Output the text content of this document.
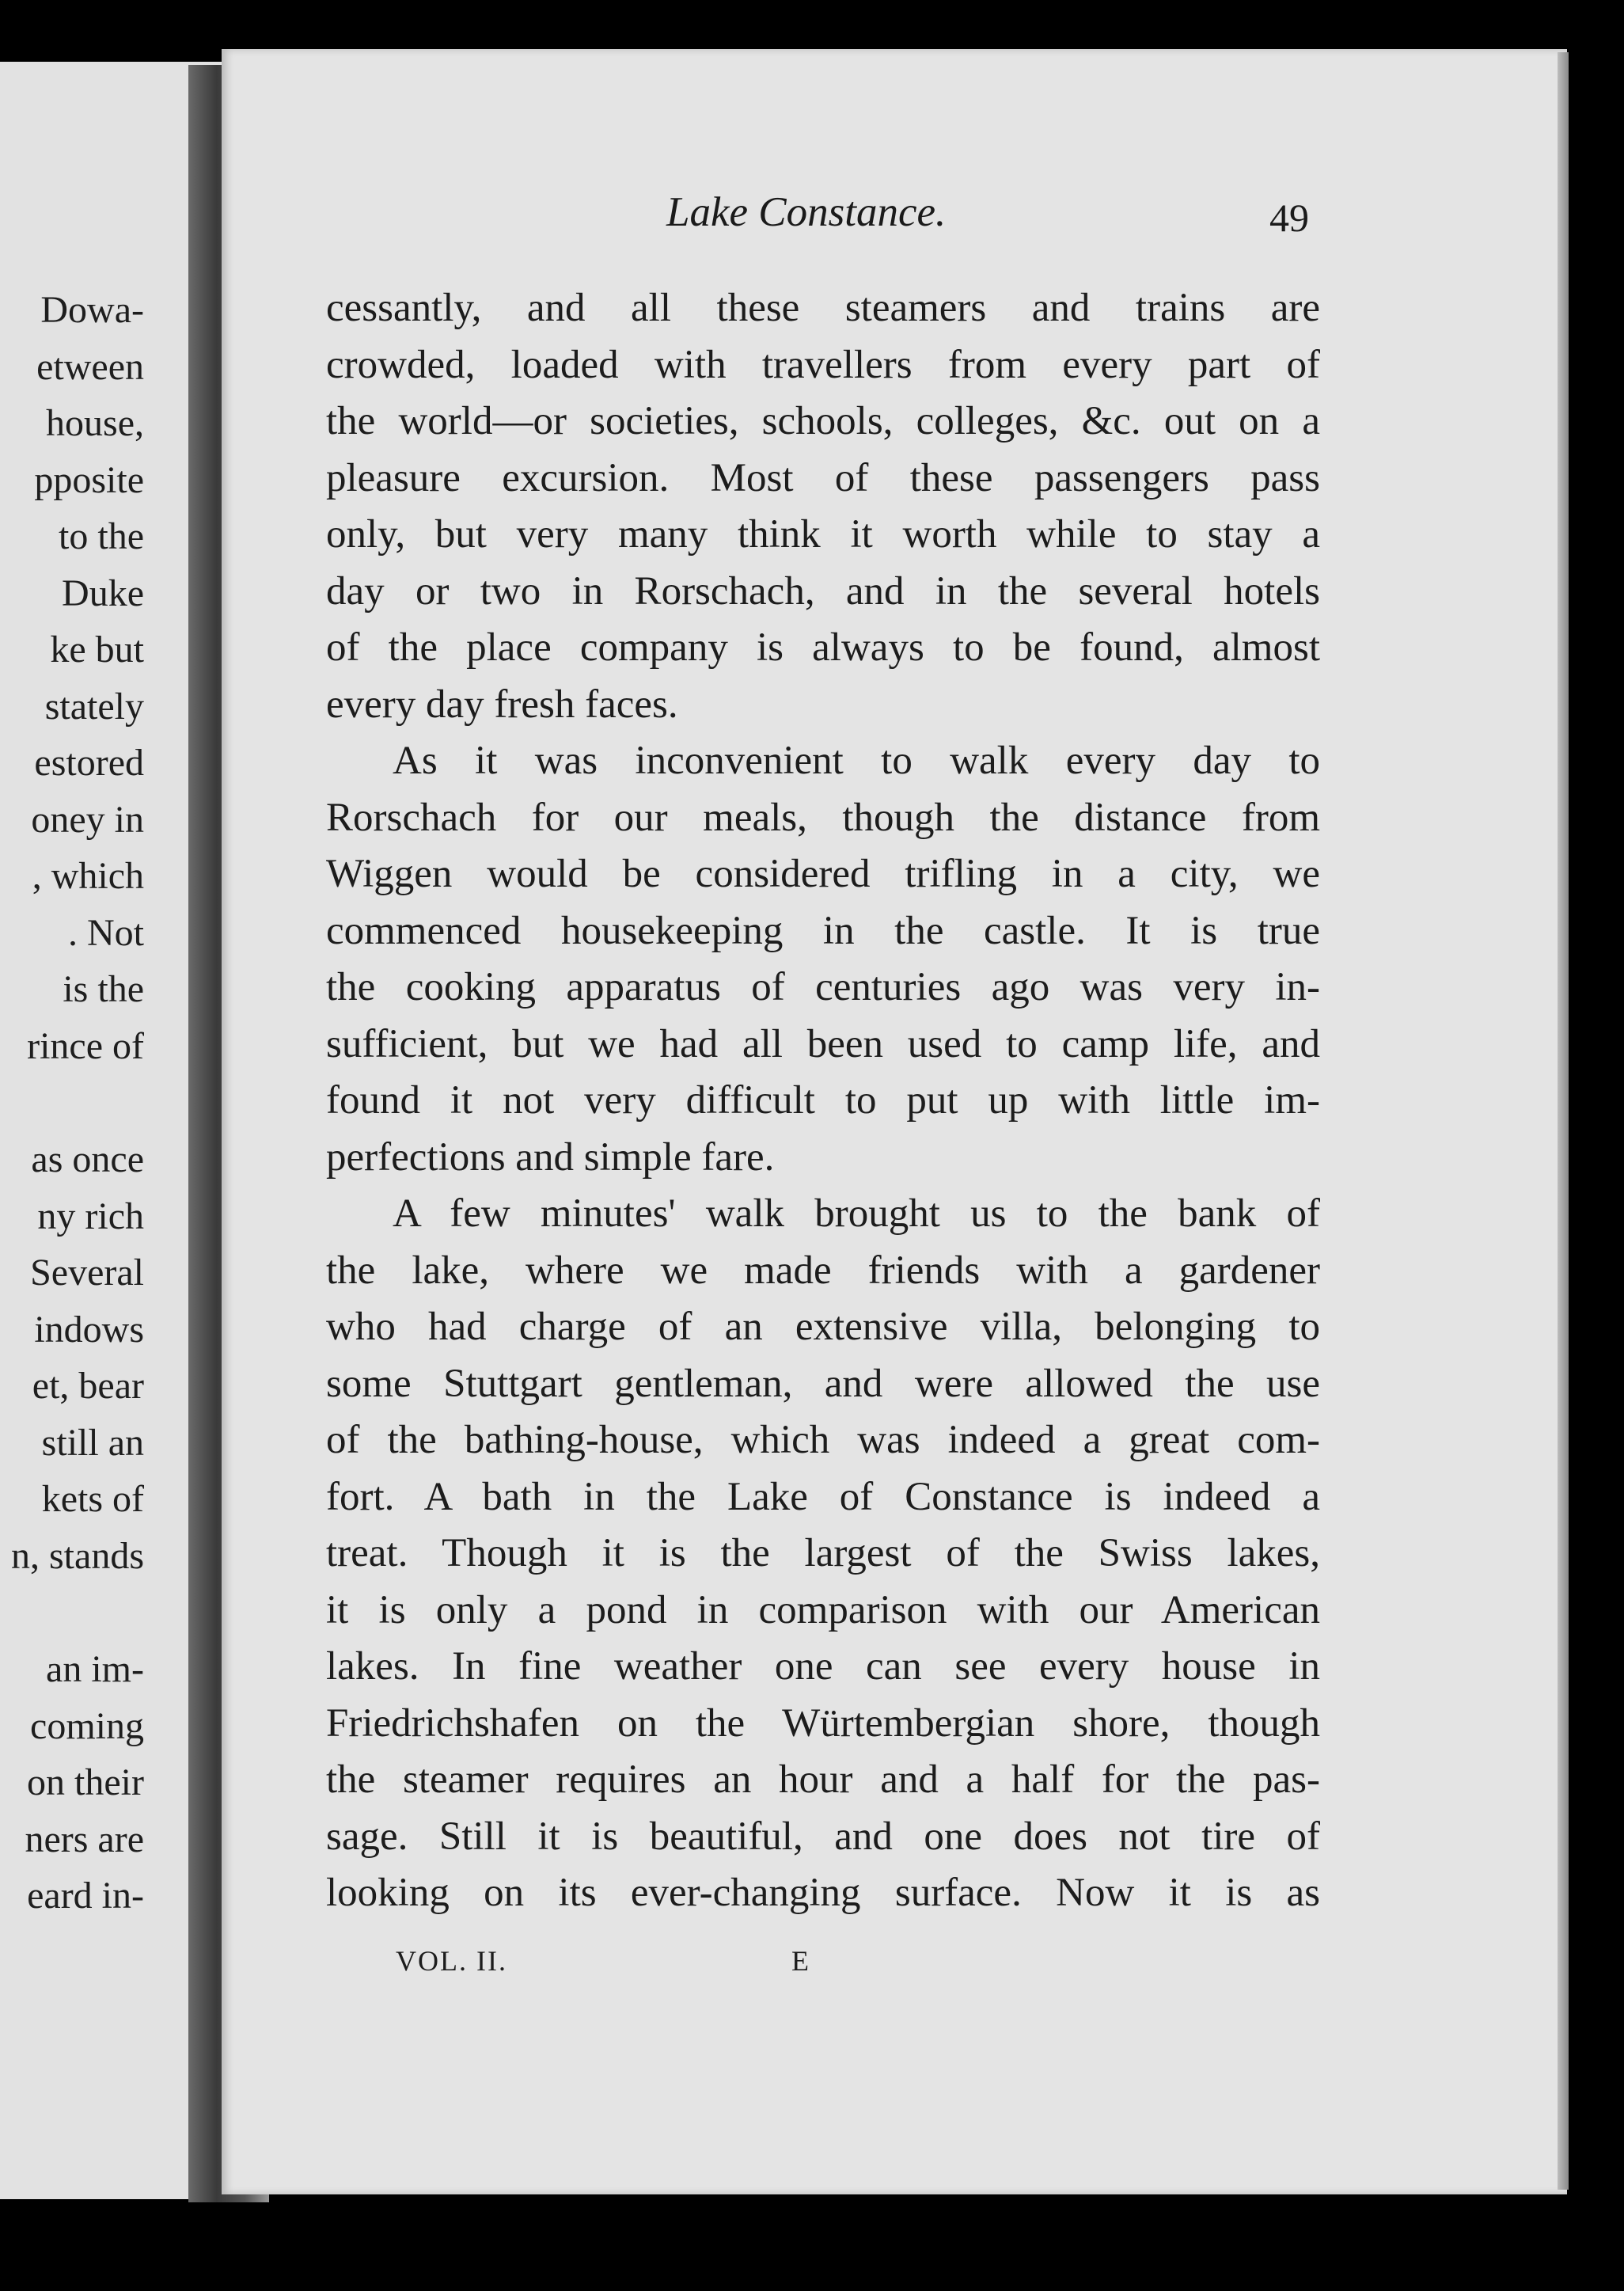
Dowa-
etween
house,
pposite
to the
Duke
ke but
stately
estored
oney in
, which
. Not
is the
rince of
as once
ny rich
Several
indows
et, bear
still an
kets of
n, stands
an im-
coming
on their
ners are
eard in-
Lake Constance.	49
cessantly, and all these steamers and trains are
crowded, loaded with travellers from every part of
the world—or societies, schools, colleges, &c. out on a
pleasure excursion. Most of these passengers pass
only, but very many think it worth while to stay a
day or two in Rorschach, and in the several hotels
of the place company is always to be found, almost
every day fresh faces.
As it was inconvenient to walk every day to
Rorschach for our meals, though the distance from
Wiggen would be considered trifling in a city, we
commenced housekeeping in the castle. It is true
the cooking apparatus of centuries ago was very in-
sufficient, but we had all been used to camp life, and
found it not very difficult to put up with little im-
perfections and simple fare.
A few minutes' walk brought us to the bank of
the lake, where we made friends with a gardener
who had charge of an extensive villa, belonging to
some Stuttgart gentleman, and were allowed the use
of the bathing-house, which was indeed a great com-
fort. A bath in the Lake of Constance is indeed a
treat. Though it is the largest of the Swiss lakes,
it is only a pond in comparison with our American
lakes. In fine weather one can see every house in
Friedrichshafen on the Würtembergian shore, though
the steamer requires an hour and a half for the pas-
sage. Still it is beautiful, and one does not tire of
looking on its ever-changing surface. Now it is as
VOL. II.	E
